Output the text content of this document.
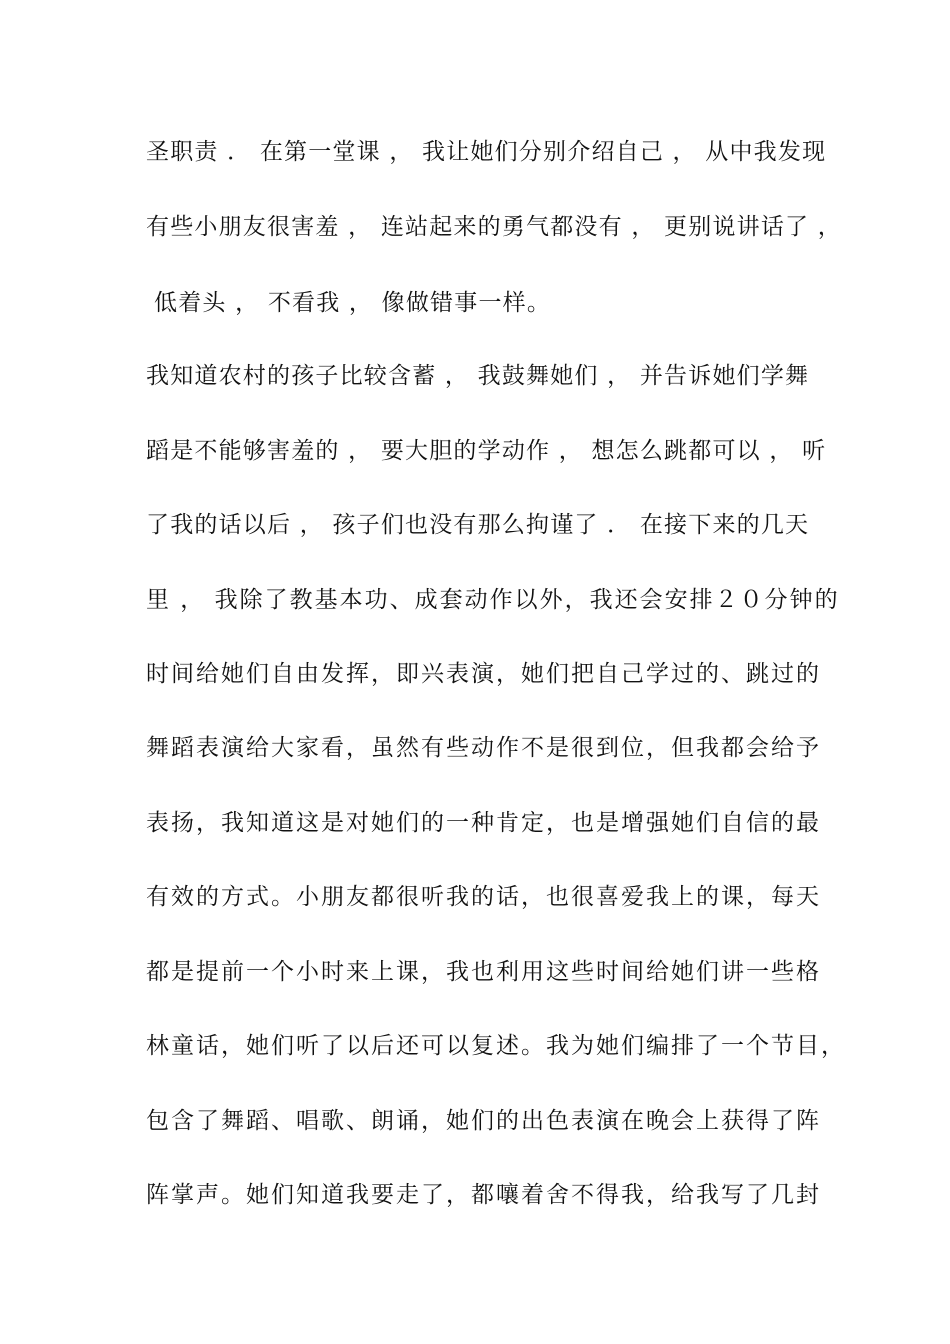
圣职责 ． 在第一堂课 ， 我让她们分别介绍自己 ， 从中我发现
有些小朋友很害羞 ， 连站起来的勇气都没有 ， 更别说讲话了 ，
低着头 ， 不看我 ， 像做错事一样。
我知道农村的孩子比较含蓄 ， 我鼓舞她们 ， 并告诉她们学舞
蹈是不能够害羞的 ， 要大胆的学动作 ， 想怎么跳都可以 ， 听
了我的话以后 ， 孩子们也没有那么拘谨了 ． 在接下来的几天
里 ， 我除了教基本功、成套动作以外，我还会安排２０分钟的
时间给她们自由发挥，即兴表演，她们把自己学过的、跳过的
舞蹈表演给大家看，虽然有些动作不是很到位，但我都会给予
表扬，我知道这是对她们的一种肯定，也是增强她们自信的最
有效的方式。小朋友都很听我的话，也很喜爱我上的课，每天
都是提前一个小时来上课，我也利用这些时间给她们讲一些格
林童话，她们听了以后还可以复述。我为她们编排了一个节目，
包含了舞蹈、唱歌、朗诵，她们的出色表演在晚会上获得了阵
阵掌声。她们知道我要走了，都嚷着舍不得我，给我写了几封
